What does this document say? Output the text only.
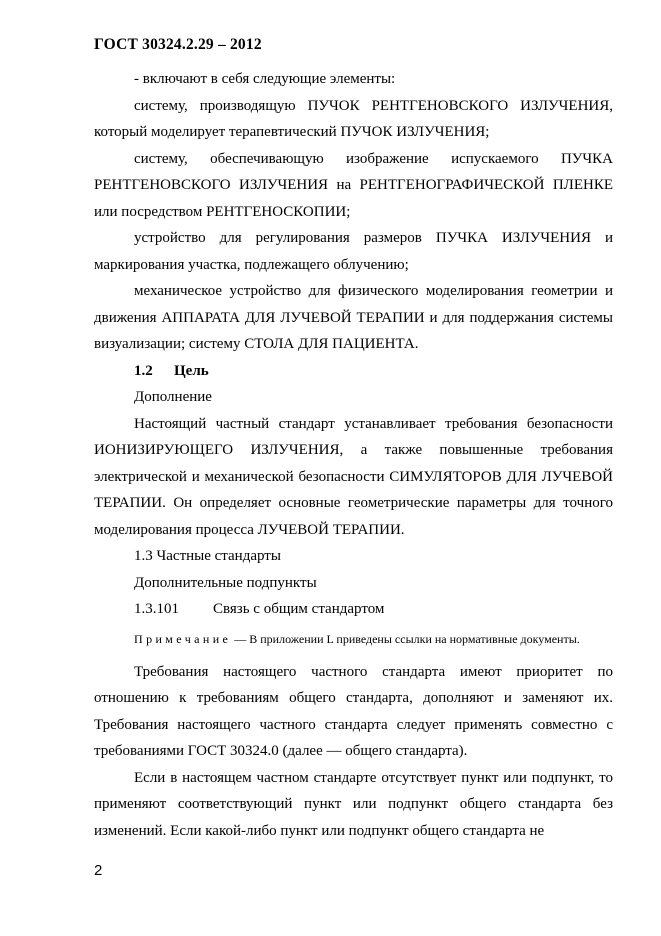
ГОСТ 30324.2.29 – 2012

- включают в себя следующие элементы:

систему, производящую ПУЧОК РЕНТГЕНОВСКОГО ИЗЛУЧЕНИЯ, который моделирует терапевтический ПУЧОК ИЗЛУЧЕНИЯ;

систему, обеспечивающую изображение испускаемого ПУЧКА РЕНТГЕНОВСКОГО ИЗЛУЧЕНИЯ на РЕНТГЕНОГРАФИЧЕСКОЙ ПЛЕНКЕ или посредством РЕНТГЕНОСКОПИИ;

устройство для регулирования размеров ПУЧКА ИЗЛУЧЕНИЯ и маркирования участка, подлежащего облучению;

механическое устройство для физического моделирования геометрии и движения АППАРАТА ДЛЯ ЛУЧЕВОЙ ТЕРАПИИ и для поддержания системы визуализации; систему СТОЛА ДЛЯ ПАЦИЕНТА.

1.2 Цель

Дополнение

Настоящий частный стандарт устанавливает требования безопасности ИОНИЗИРУЮЩЕГО ИЗЛУЧЕНИЯ, а также повышенные требования электрической и механической безопасности СИМУЛЯТОРОВ ДЛЯ ЛУЧЕВОЙ ТЕРАПИИ. Он определяет основные геометрические параметры для точного моделирования процесса ЛУЧЕВОЙ ТЕРАПИИ.

1.3 Частные стандарты

Дополнительные подпункты

1.3.101 Связь с общим стандартом

Примечание — В приложении L приведены ссылки на нормативные документы.

Требования настоящего частного стандарта имеют приоритет по отношению к требованиям общего стандарта, дополняют и заменяют их. Требования настоящего частного стандарта следует применять совместно с требованиями ГОСТ 30324.0 (далее — общего стандарта).

Если в настоящем частном стандарте отсутствует пункт или подпункт, то применяют соответствующий пункт или подпункт общего стандарта без изменений. Если какой-либо пункт или подпункт общего стандарта не

2
